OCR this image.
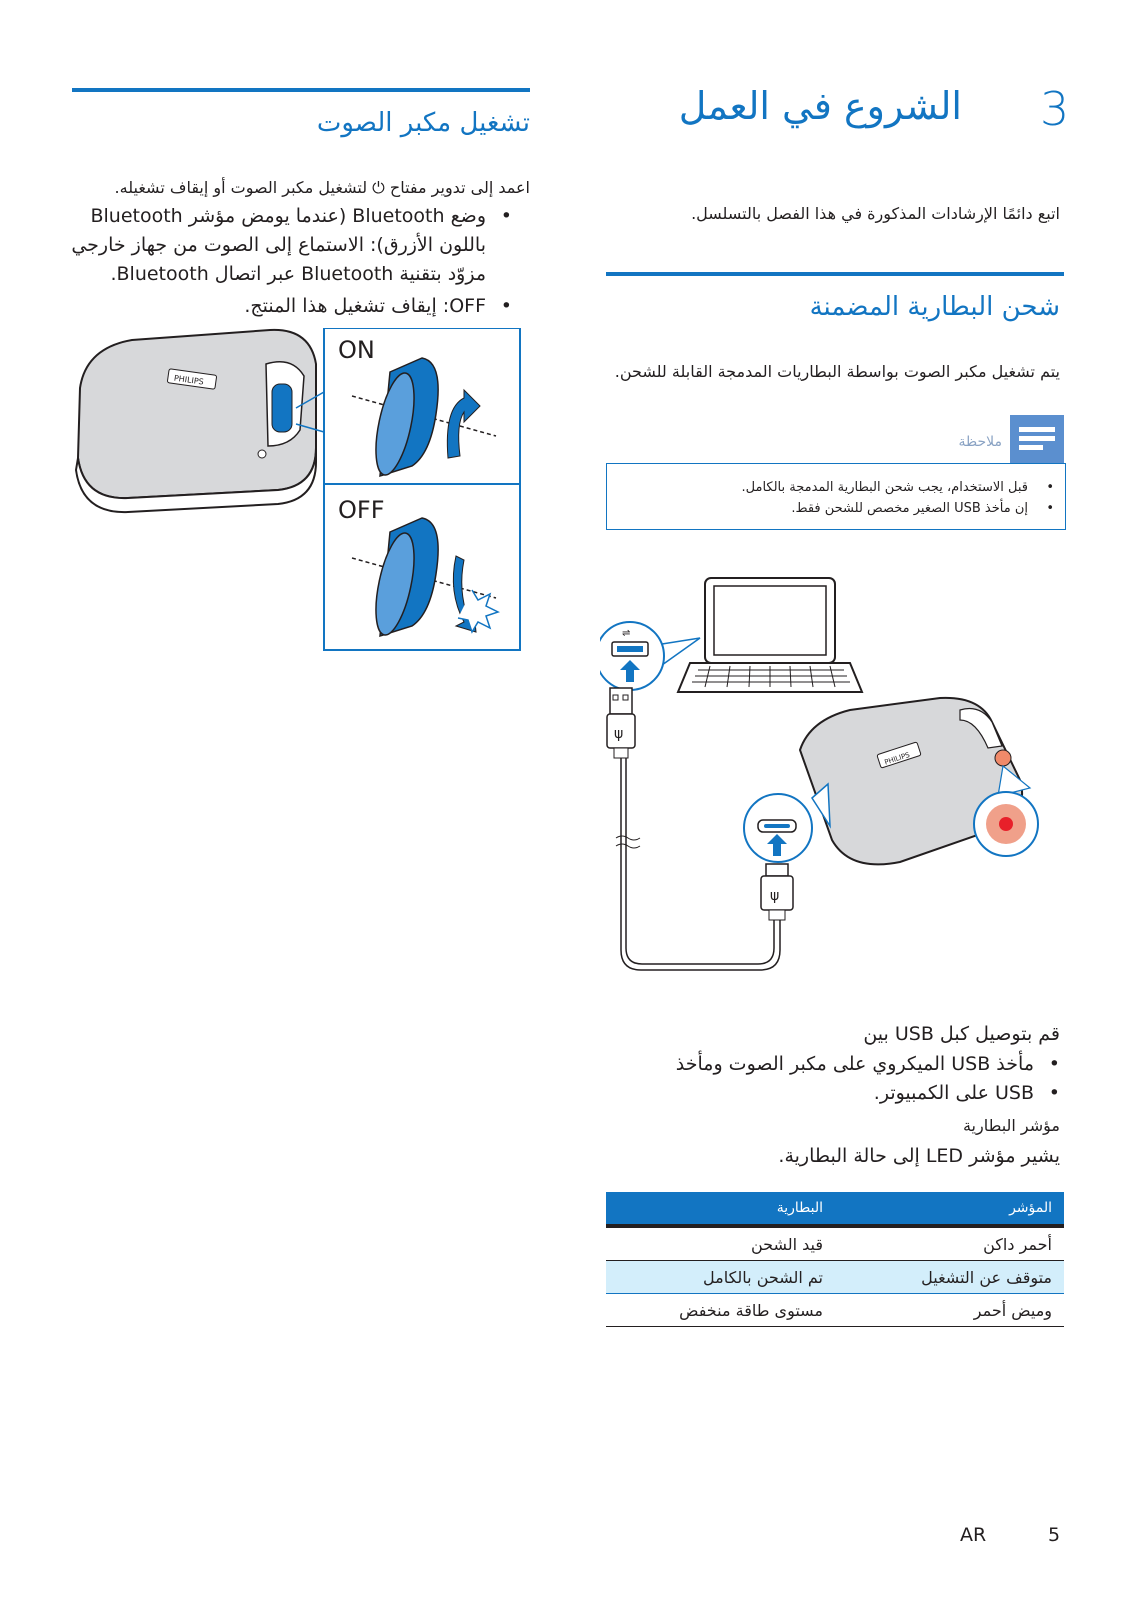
3
الشروع في العمل
اتبع دائمًا الإرشادات المذكورة في هذا الفصل بالتسلسل.
شحن البطارية المضمنة
يتم تشغيل مكبر الصوت بواسطة البطاريات المدمجة القابلة للشحن.
ملاحظة
قبل الاستخدام، يجب شحن البطارية المدمجة بالكامل. •
إن مأخذ USB الصغير مخصص للشحن فقط. •
⇌
ψ
ψ
PHILIPS
قم بتوصيل كبل USB بين
مأخذ USB الميكروي على مكبر الصوت ومأخذ •
USB على الكمبيوتر. •
مؤشر البطارية
يشير مؤشر LED إلى حالة البطارية.
المؤشر	البطارية
أحمر داكن	قيد الشحن
متوقف عن التشغيل	تم الشحن بالكامل
وميض أحمر	مستوى طاقة منخفض
تشغيل مكبر الصوت
اعمد إلى تدوير مفتاح ⏻ لتشغيل مكبر الصوت أو إيقاف تشغيله.
وضع Bluetooth (عندما يومض مؤشر Bluetooth •
باللون الأزرق): الاستماع إلى الصوت من جهاز خارجي
مزوّد بتقنية Bluetooth عبر اتصال Bluetooth.
OFF: إيقاف تشغيل هذا المنتج. •
PHILIPS
ON
OFF
AR	5
